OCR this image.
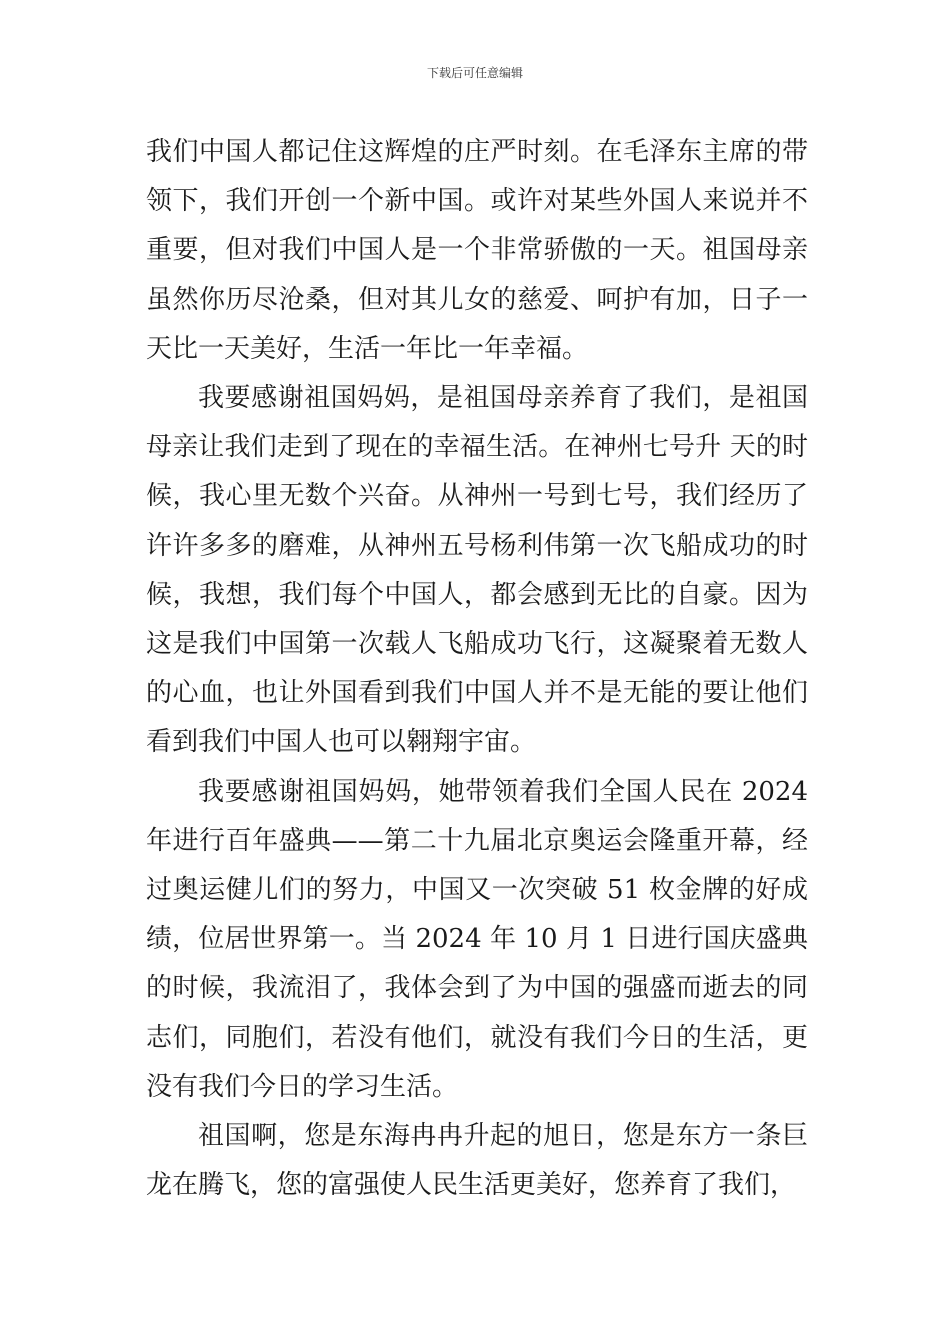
下载后可任意编辑

我们中国人都记住这辉煌的庄严时刻。在毛泽东主席的带领下，我们开创一个新中国。或许对某些外国人来说并不重要，但对我们中国人是一个非常骄傲的一天。祖国母亲虽然你历尽沧桑，但对其儿女的慈爱、呵护有加，日子一天比一天美好，生活一年比一年幸福。

我要感谢祖国妈妈，是祖国母亲养育了我们，是祖国母亲让我们走到了现在的幸福生活。在神州七号升 天的时候，我心里无数个兴奋。从神州一号到七号，我们经历了许许多多的磨难，从神州五号杨利伟第一次飞船成功的时候，我想，我们每个中国人，都会感到无比的自豪。因为这是我们中国第一次载人飞船成功飞行，这凝聚着无数人的心血，也让外国看到我们中国人并不是无能的要让他们看到我们中国人也可以翱翔宇宙。

我要感谢祖国妈妈，她带领着我们全国人民在 2024 年进行百年盛典——第二十九届北京奥运会隆重开幕，经过奥运健儿们的努力，中国又一次突破 51 枚金牌的好成绩，位居世界第一。当 2024 年 10 月 1 日进行国庆盛典的时候，我流泪了，我体会到了为中国的强盛而逝去的同志们，同胞们，若没有他们，就没有我们今日的生活，更没有我们今日的学习生活。

祖国啊，您是东海冉冉升起的旭日，您是东方一条巨龙在腾飞，您的富强使人民生活更美好，您养育了我们，
